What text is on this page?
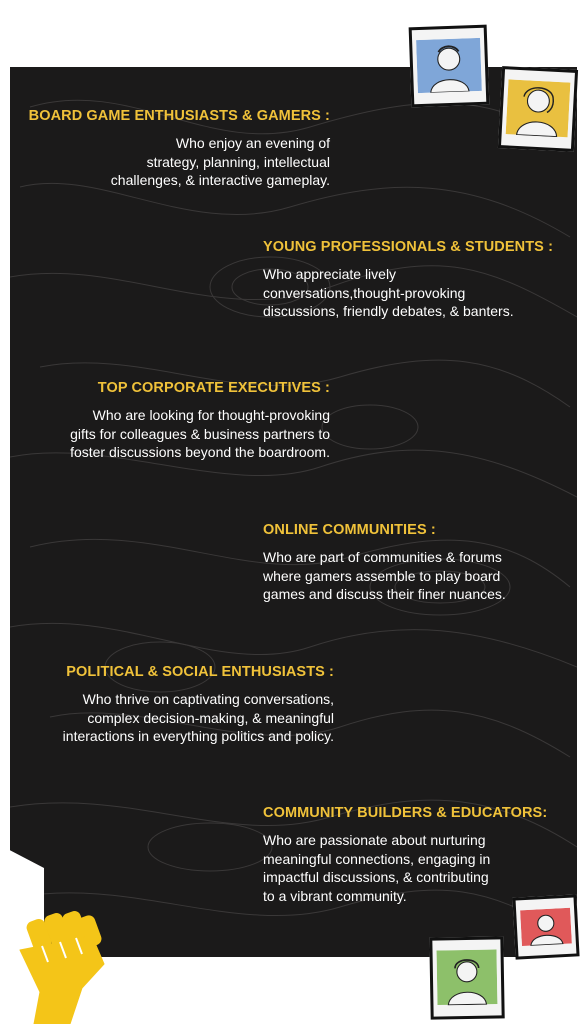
BOARD GAME ENTHUSIASTS & GAMERS :
Who enjoy an evening of
strategy, planning, intellectual
challenges, & interactive gameplay.
YOUNG PROFESSIONALS & STUDENTS :
Who appreciate lively
conversations,thought-provoking
discussions, friendly debates, & banters.
TOP CORPORATE EXECUTIVES :
Who are looking for thought-provoking
gifts for colleagues & business partners to
foster discussions beyond the boardroom.
ONLINE COMMUNITIES :
Who are part of communities & forums
where gamers assemble to play board
games and discuss their finer nuances.
POLITICAL & SOCIAL ENTHUSIASTS :
Who thrive on captivating conversations,
complex decision-making, & meaningful
interactions in everything politics and policy.
COMMUNITY BUILDERS & EDUCATORS:
Who are passionate about nurturing
meaningful connections, engaging in
impactful discussions, & contributing
to a vibrant community.
